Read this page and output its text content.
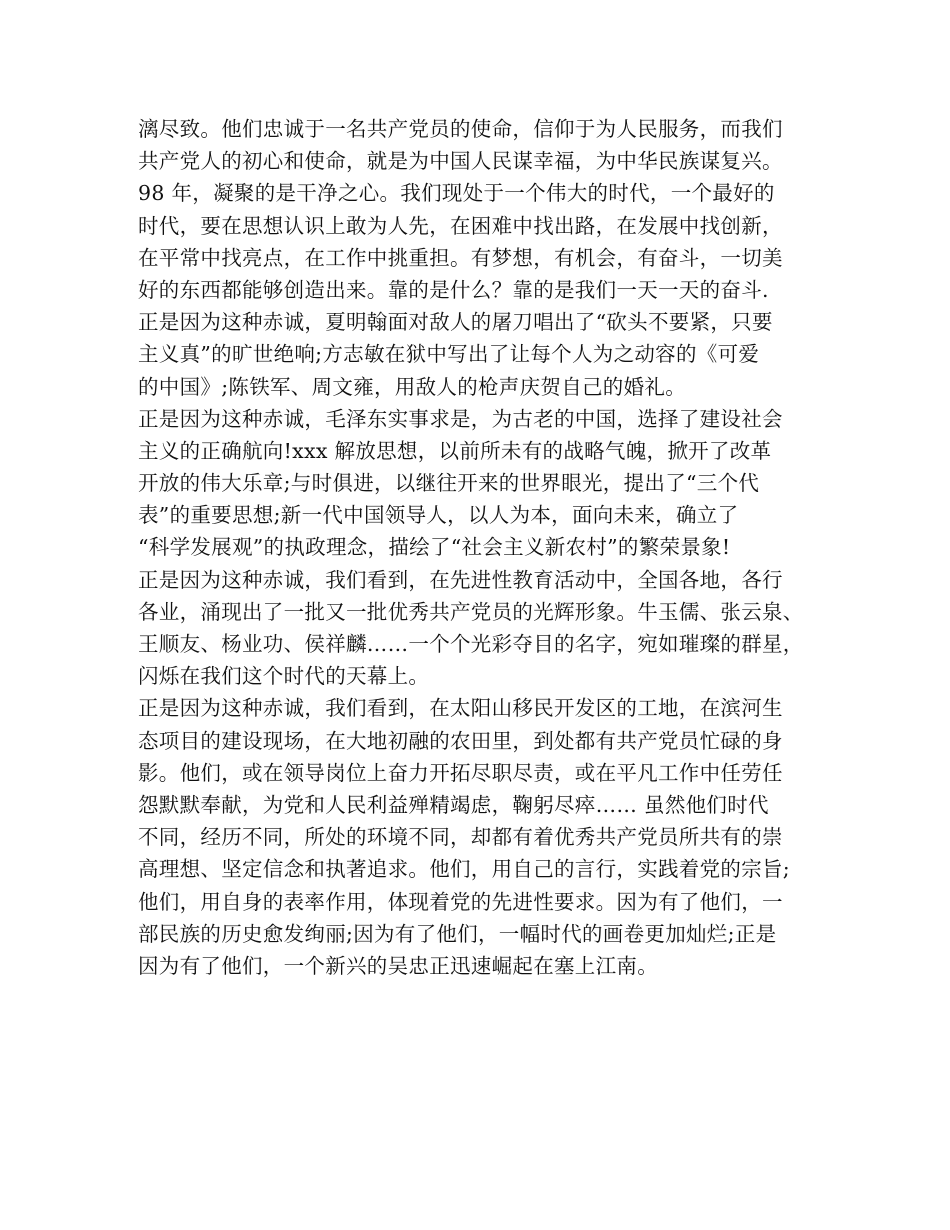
漓尽致。他们忠诚于一名共产党员的使命，信仰于为人民服务，而我们
共产党人的初心和使命，就是为中国人民谋幸福，为中华民族谋复兴。
98 年，凝聚的是干净之心。我们现处于一个伟大的时代，一个最好的
时代，要在思想认识上敢为人先，在困难中找出路，在发展中找创新，
在平常中找亮点，在工作中挑重担。有梦想，有机会，有奋斗，一切美
好的东西都能够创造出来。靠的是什么？靠的是我们一天一天的奋斗.
正是因为这种赤诚，夏明翰面对敌人的屠刀唱出了“砍头不要紧，只要
主义真”的旷世绝响;方志敏在狱中写出了让每个人为之动容的《可爱
的中国》;陈铁军、周文雍，用敌人的枪声庆贺自己的婚礼。
正是因为这种赤诚，毛泽东实事求是，为古老的中国，选择了建设社会
主义的正确航向!xxx 解放思想，以前所未有的战略气魄，掀开了改革
开放的伟大乐章;与时俱进，以继往开来的世界眼光，提出了“三个代
表”的重要思想;新一代中国领导人，以人为本，面向未来，确立了
“科学发展观”的执政理念，描绘了“社会主义新农村”的繁荣景象!
正是因为这种赤诚，我们看到，在先进性教育活动中，全国各地，各行
各业，涌现出了一批又一批优秀共产党员的光辉形象。牛玉儒、张云泉、
王顺友、杨业功、侯祥麟……一个个光彩夺目的名字，宛如璀璨的群星，
闪烁在我们这个时代的天幕上。
正是因为这种赤诚，我们看到，在太阳山移民开发区的工地，在滨河生
态项目的建设现场，在大地初融的农田里，到处都有共产党员忙碌的身
影。他们，或在领导岗位上奋力开拓尽职尽责，或在平凡工作中任劳任
怨默默奉献，为党和人民利益殚精竭虑，鞠躬尽瘁…… 虽然他们时代
不同，经历不同，所处的环境不同，却都有着优秀共产党员所共有的崇
高理想、坚定信念和执著追求。他们，用自己的言行，实践着党的宗旨;
他们，用自身的表率作用，体现着党的先进性要求。因为有了他们，一
部民族的历史愈发绚丽;因为有了他们，一幅时代的画卷更加灿烂;正是
因为有了他们，一个新兴的吴忠正迅速崛起在塞上江南。
